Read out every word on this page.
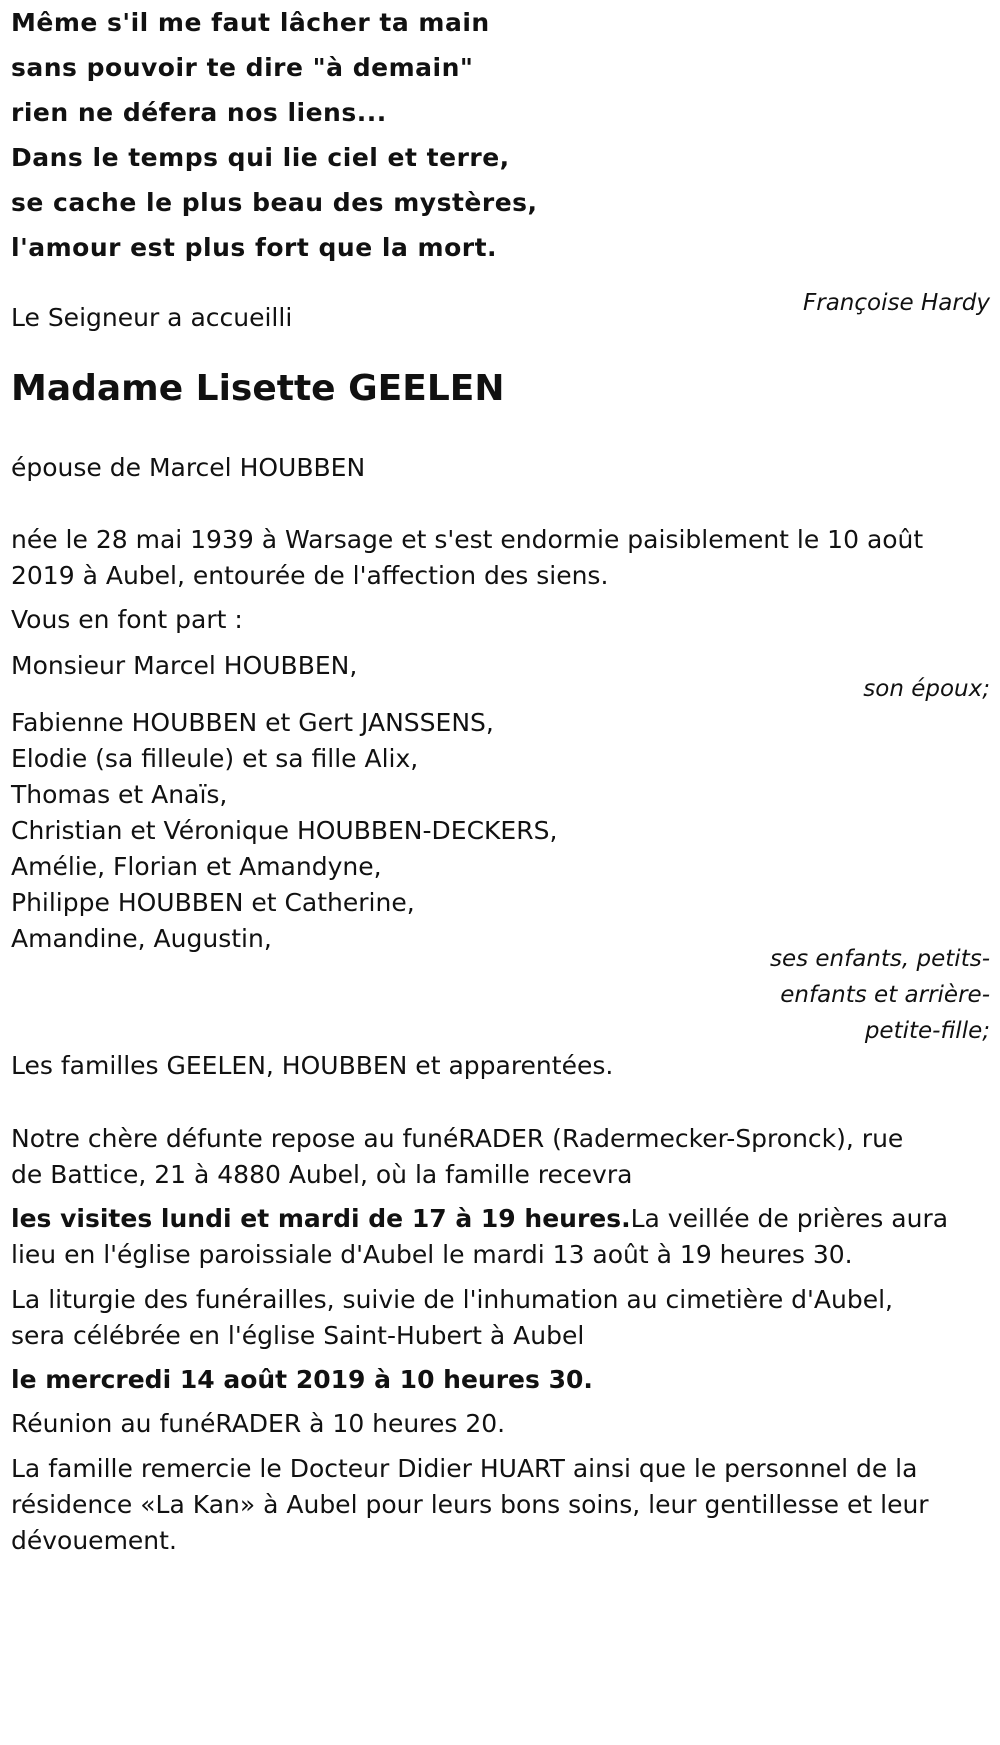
Même s'il me faut lâcher ta main
sans pouvoir te dire "à demain"
rien ne défera nos liens...
Dans le temps qui lie ciel et terre,
se cache le plus beau des mystères,
l'amour est plus fort que la mort.
Françoise Hardy
Le Seigneur a accueilli
Madame Lisette GEELEN
épouse de Marcel HOUBBEN
née le 28 mai 1939 à Warsage et s'est endormie paisiblement le 10 août
2019 à Aubel, entourée de l'affection des siens.
Vous en font part :
Monsieur Marcel HOUBBEN,
son époux;
Fabienne HOUBBEN et Gert JANSSENS,
Elodie (sa filleule) et sa fille Alix,
Thomas et Anaïs,
Christian et Véronique HOUBBEN-DECKERS,
Amélie, Florian et Amandyne,
Philippe HOUBBEN et Catherine,
Amandine, Augustin,
ses enfants, petits-
enfants et arrière-
petite-fille;
Les familles GEELEN, HOUBBEN et apparentées.
Notre chère défunte repose au funéRADER (Radermecker-Spronck), rue
de Battice, 21 à 4880 Aubel, où la famille recevra
les visites lundi et mardi de 17 à 19 heures.La veillée de prières aura
lieu en l'église paroissiale d'Aubel le mardi 13 août à 19 heures 30.
La liturgie des funérailles, suivie de l'inhumation au cimetière d'Aubel,
sera célébrée en l'église Saint-Hubert à Aubel
le mercredi 14 août 2019 à 10 heures 30.
Réunion au funéRADER à 10 heures 20.
La famille remercie le Docteur Didier HUART ainsi que le personnel de la
résidence «La Kan» à Aubel pour leurs bons soins, leur gentillesse et leur
dévouement.
